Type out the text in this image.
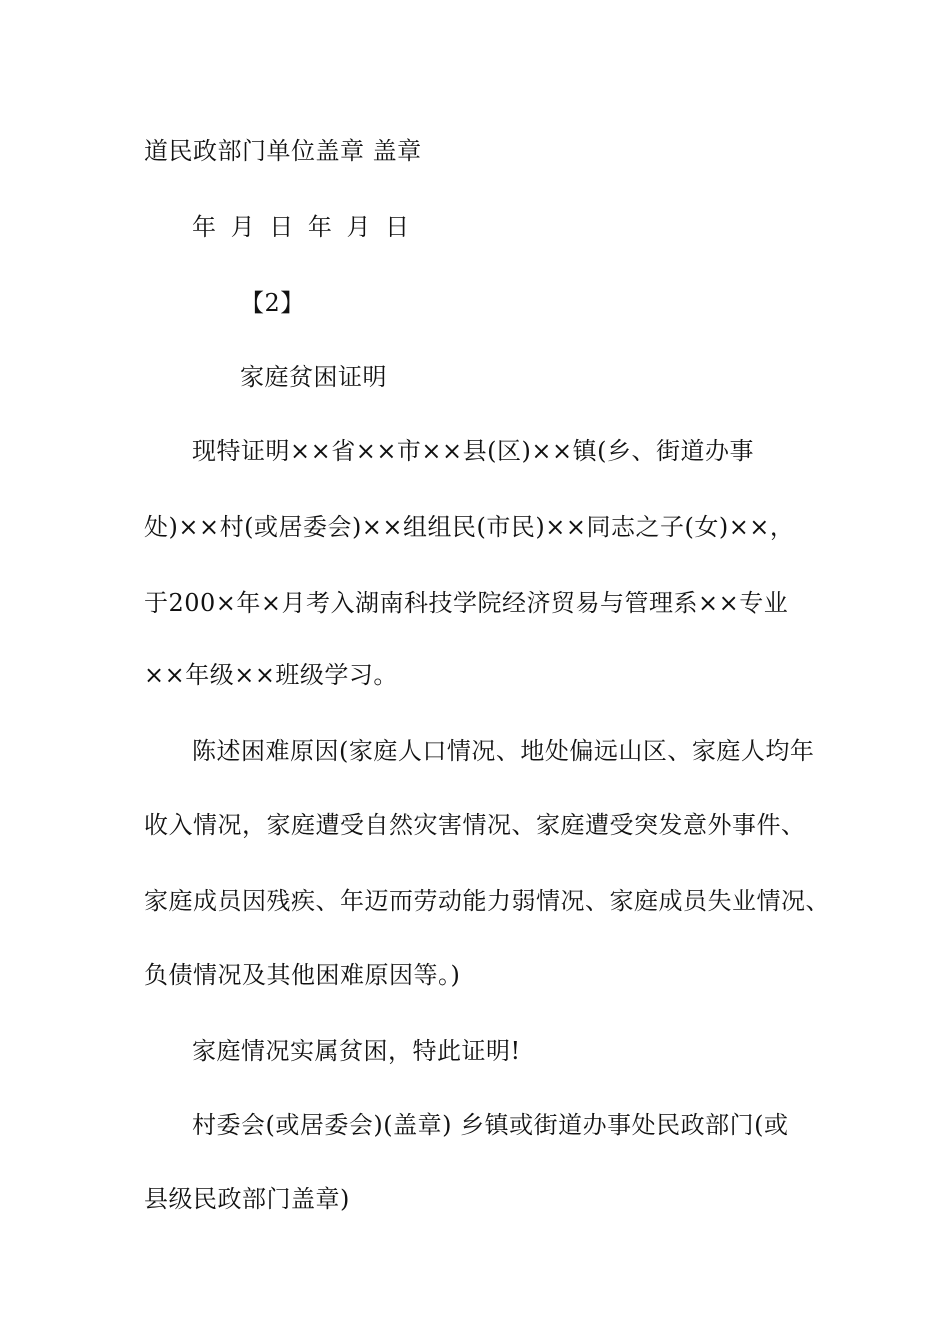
道民政部门单位盖章 盖章
年 月 日 年 月 日
【2】
家庭贫困证明
现特证明××省××市××县(区)××镇(乡、街道办事
处)××村(或居委会)××组组民(市民)××同志之子(女)××，
于200×年×月考入湖南科技学院经济贸易与管理系××专业
××年级××班级学习。
陈述困难原因(家庭人口情况、地处偏远山区、家庭人均年
收入情况，家庭遭受自然灾害情况、家庭遭受突发意外事件、
家庭成员因残疾、年迈而劳动能力弱情况、家庭成员失业情况、
负债情况及其他困难原因等。)
家庭情况实属贫困，特此证明!
村委会(或居委会)(盖章) 乡镇或街道办事处民政部门(或
县级民政部门盖章)
